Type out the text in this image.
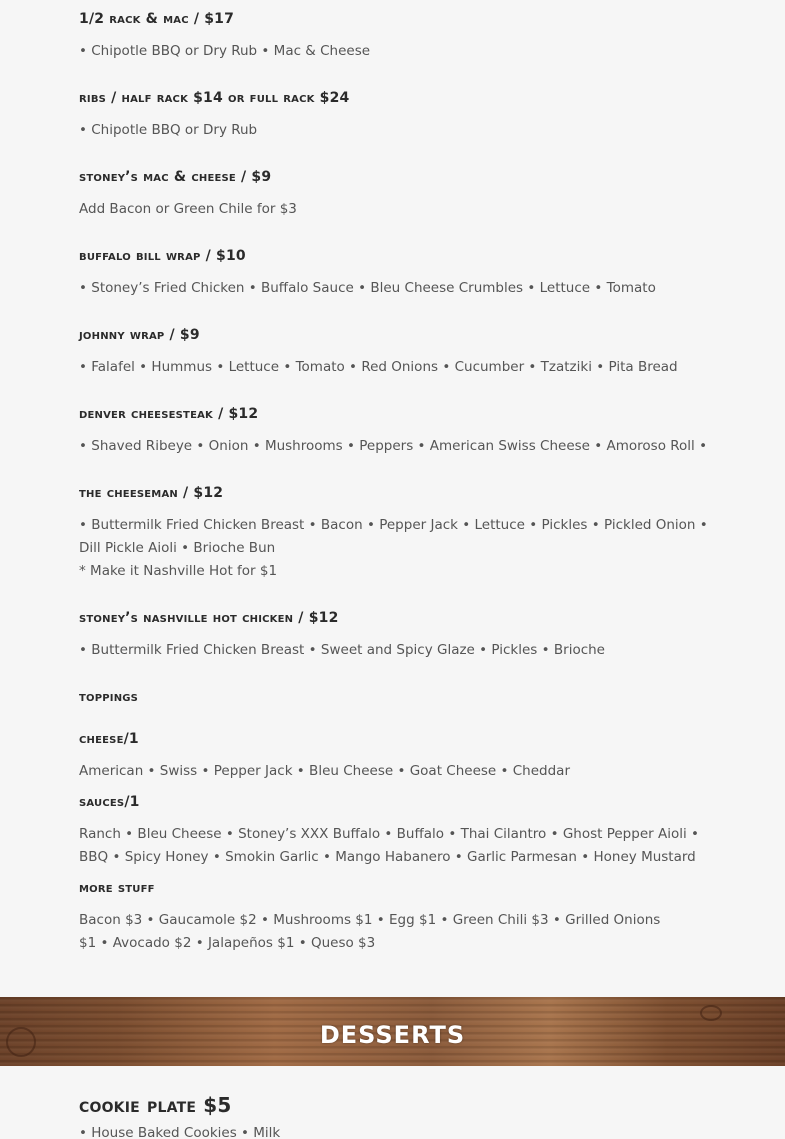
1/2 rack & mac / $17

• Chipotle BBQ or Dry Rub • Mac & Cheese

ribs / half rack $14 or full rack $24

• Chipotle BBQ or Dry Rub

stoney’s mac & cheese / $9

Add Bacon or Green Chile for $3

buffalo bill wrap / $10

• Stoney’s Fried Chicken • Buffalo Sauce • Bleu Cheese Crumbles • Lettuce • Tomato

johnny wrap / $9

• Falafel • Hummus • Lettuce • Tomato • Red Onions • Cucumber • Tzatziki • Pita Bread

denver cheesesteak / $12

• Shaved Ribeye • Onion • Mushrooms • Peppers • American Swiss Cheese • Amoroso Roll •

the cheeseman / $12

• Buttermilk Fried Chicken Breast • Bacon • Pepper Jack • Lettuce • Pickles • Pickled Onion • Dill Pickle Aioli • Brioche Bun

* Make it Nashville Hot for $1

stoney’s nashville hot chicken / $12

• Buttermilk Fried Chicken Breast • Sweet and Spicy Glaze • Pickles • Brioche

toppings

cheese/1

American • Swiss • Pepper Jack • Bleu Cheese • Goat Cheese • Cheddar

sauces/1

Ranch • Bleu Cheese • Stoney’s XXX Buffalo • Buffalo • Thai Cilantro • Ghost Pepper Aioli • BBQ • Spicy Honey • Smokin Garlic • Mango Habanero • Garlic Parmesan • Honey Mustard

more stuff

Bacon $3 • Gaucamole $2 • Mushrooms $1 • Egg $1 • Green Chili $3 • Grilled Onions $1 • Avocado $2 • Jalapeños $1 • Queso $3

desserts

cookie plate $5

• House Baked Cookies • Milk
